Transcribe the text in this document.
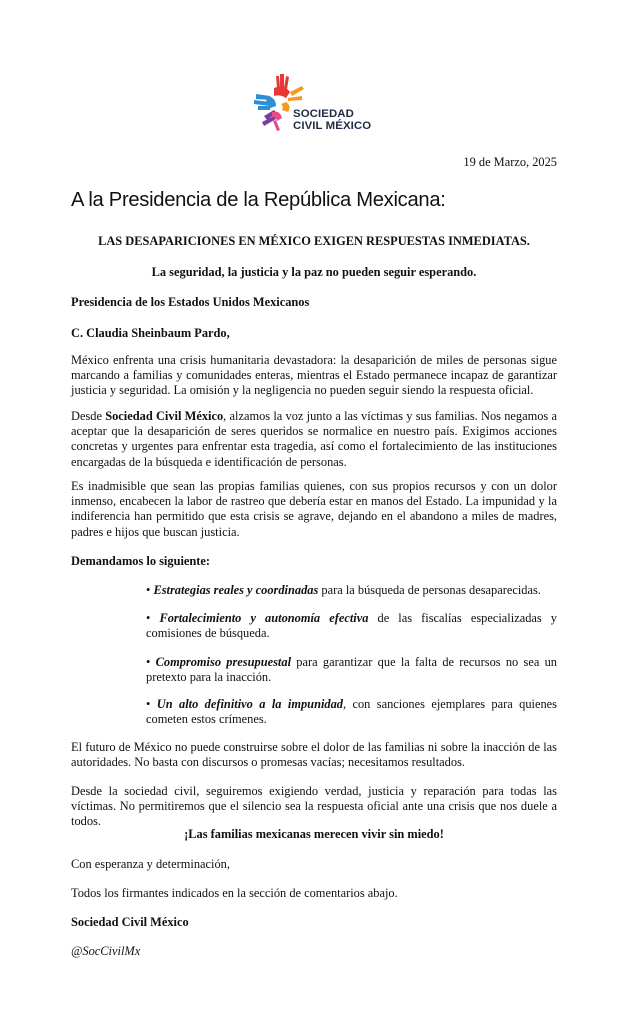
SOCIEDAD
CIVIL MÉXICO
19 de Marzo, 2025
A la Presidencia de la República Mexicana:
LAS DESAPARICIONES EN MÉXICO EXIGEN RESPUESTAS INMEDIATAS.
La seguridad, la justicia y la paz no pueden seguir esperando.
Presidencia de los Estados Unidos Mexicanos
C. Claudia Sheinbaum Pardo,
México enfrenta una crisis humanitaria devastadora: la desaparición de miles de personas sigue marcando a familias y comunidades enteras, mientras el Estado permanece incapaz de garantizar justicia y seguridad. La omisión y la negligencia no pueden seguir siendo la respuesta oficial.
Desde Sociedad Civil México, alzamos la voz junto a las víctimas y sus familias. Nos negamos a aceptar que la desaparición de seres queridos se normalice en nuestro país. Exigimos acciones concretas y urgentes para enfrentar esta tragedia, así como el fortalecimiento de las instituciones encargadas de la búsqueda e identificación de personas.
Es inadmisible que sean las propias familias quienes, con sus propios recursos y con un dolor inmenso, encabecen la labor de rastreo que debería estar en manos del Estado. La impunidad y la indiferencia han permitido que esta crisis se agrave, dejando en el abandono a miles de madres, padres e hijos que buscan justicia.
Demandamos lo siguiente:
• Estrategias reales y coordinadas para la búsqueda de personas desaparecidas.
• Fortalecimiento y autonomía efectiva de las fiscalías especializadas y comisiones de búsqueda.
• Compromiso presupuestal para garantizar que la falta de recursos no sea un pretexto para la inacción.
• Un alto definitivo a la impunidad, con sanciones ejemplares para quienes cometen estos crímenes.
El futuro de México no puede construirse sobre el dolor de las familias ni sobre la inacción de las autoridades. No basta con discursos o promesas vacías; necesitamos resultados.
Desde la sociedad civil, seguiremos exigiendo verdad, justicia y reparación para todas las víctimas. No permitiremos que el silencio sea la respuesta oficial ante una crisis que nos duele a todos.
¡Las familias mexicanas merecen vivir sin miedo!
Con esperanza y determinación,
Todos los firmantes indicados en la sección de comentarios abajo.
Sociedad Civil México
@SocCivilMx
